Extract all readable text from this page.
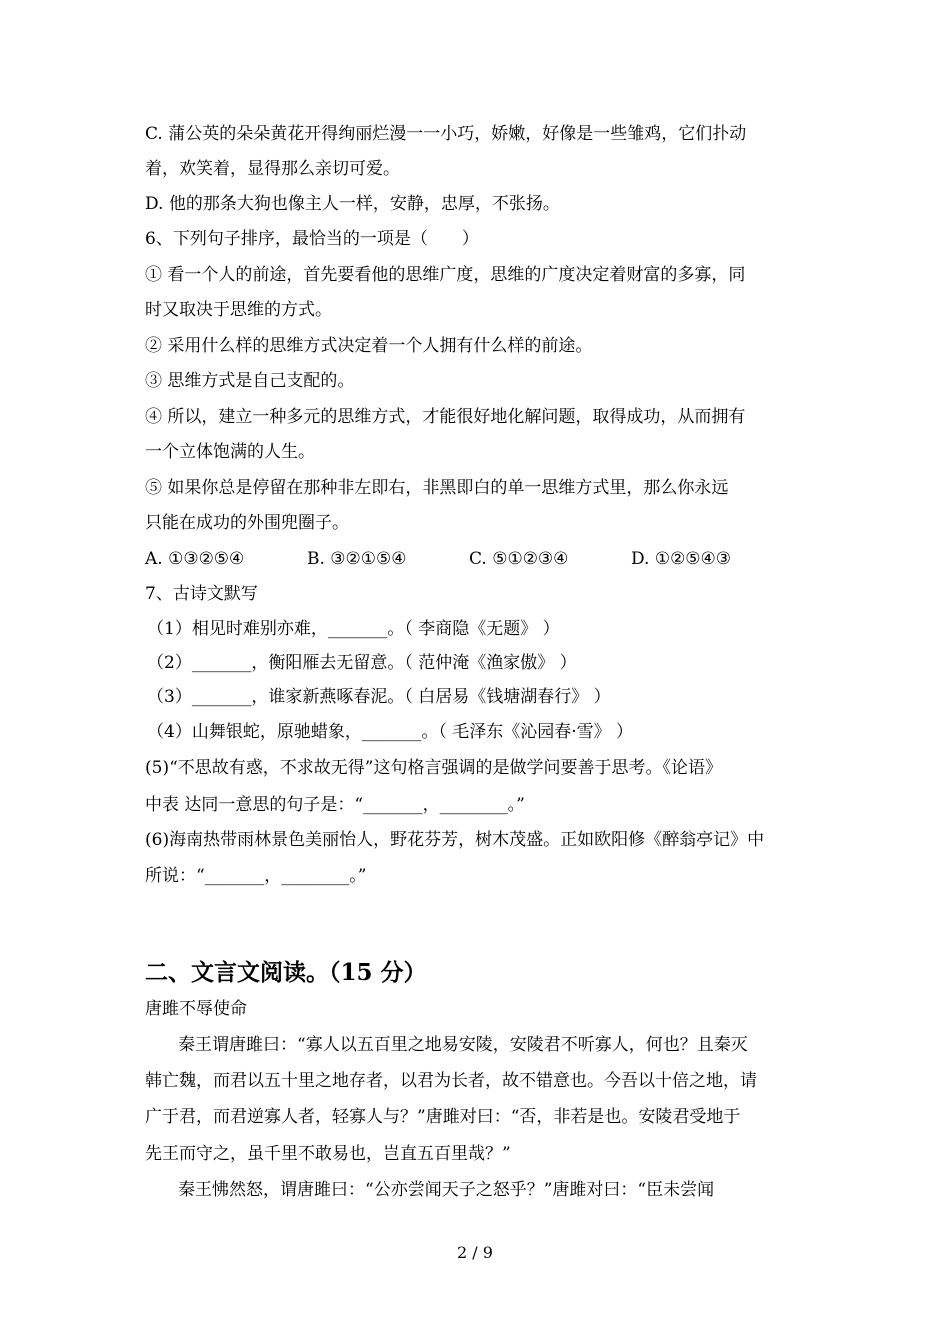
C. 蒲公英的朵朵黄花开得绚丽烂漫一一小巧，娇嫩，好像是一些雏鸡，它们扑动
着，欢笑着，显得那么亲切可爱。
D. 他的那条大狗也像主人一样，安静，忠厚，不张扬。
6、下列句子排序，最恰当的一项是（　　）
① 看一个人的前途，首先要看他的思维广度，思维的广度决定着财富的多寡，同
时又取决于思维的方式。
② 采用什么样的思维方式决定着一个人拥有什么样的前途。
③ 思维方式是自己支配的。
④ 所以，建立一种多元的思维方式，才能很好地化解问题，取得成功，从而拥有
一个立体饱满的人生。
⑤ 如果你总是停留在那种非左即右，非黑即白的单一思维方式里，那么你永远
只能在成功的外围兜圈子。
A. ①③②⑤④	B. ③②①⑤④	C. ⑤①②③④	D. ①②⑤④③
7、古诗文默写
（1）相见时难别亦难，_______。（ 李商隐《无题》 ）
（2）_______，衡阳雁去无留意。（ 范仲淹《渔家傲》 ）
（3）_______，谁家新燕啄春泥。（ 白居易《钱塘湖春行》 ）
（4）山舞银蛇，原驰蜡象，_______。（ 毛泽东《沁园春·雪》 ）
(5)“不思故有惑，不求故无得”这句格言强调的是做学问要善于思考。《论语》
中表 达同一意思的句子是：“_______，________。”
(6)海南热带雨林景色美丽怡人，野花芬芳，树木茂盛。正如欧阳修《醉翁亭记》中
所说：“_______，________。”
二、文言文阅读。（15 分）
唐雎不辱使命
秦王谓唐雎曰：“寡人以五百里之地易安陵，安陵君不听寡人，何也？且秦灭
韩亡魏，而君以五十里之地存者，以君为长者，故不错意也。今吾以十倍之地，请
广于君，而君逆寡人者，轻寡人与？”唐雎对曰：“否，非若是也。安陵君受地于
先王而守之，虽千里不敢易也，岂直五百里哉？”
秦王怫然怒，谓唐雎曰：“公亦尝闻天子之怒乎？”唐雎对曰：“臣未尝闻
2 / 9
